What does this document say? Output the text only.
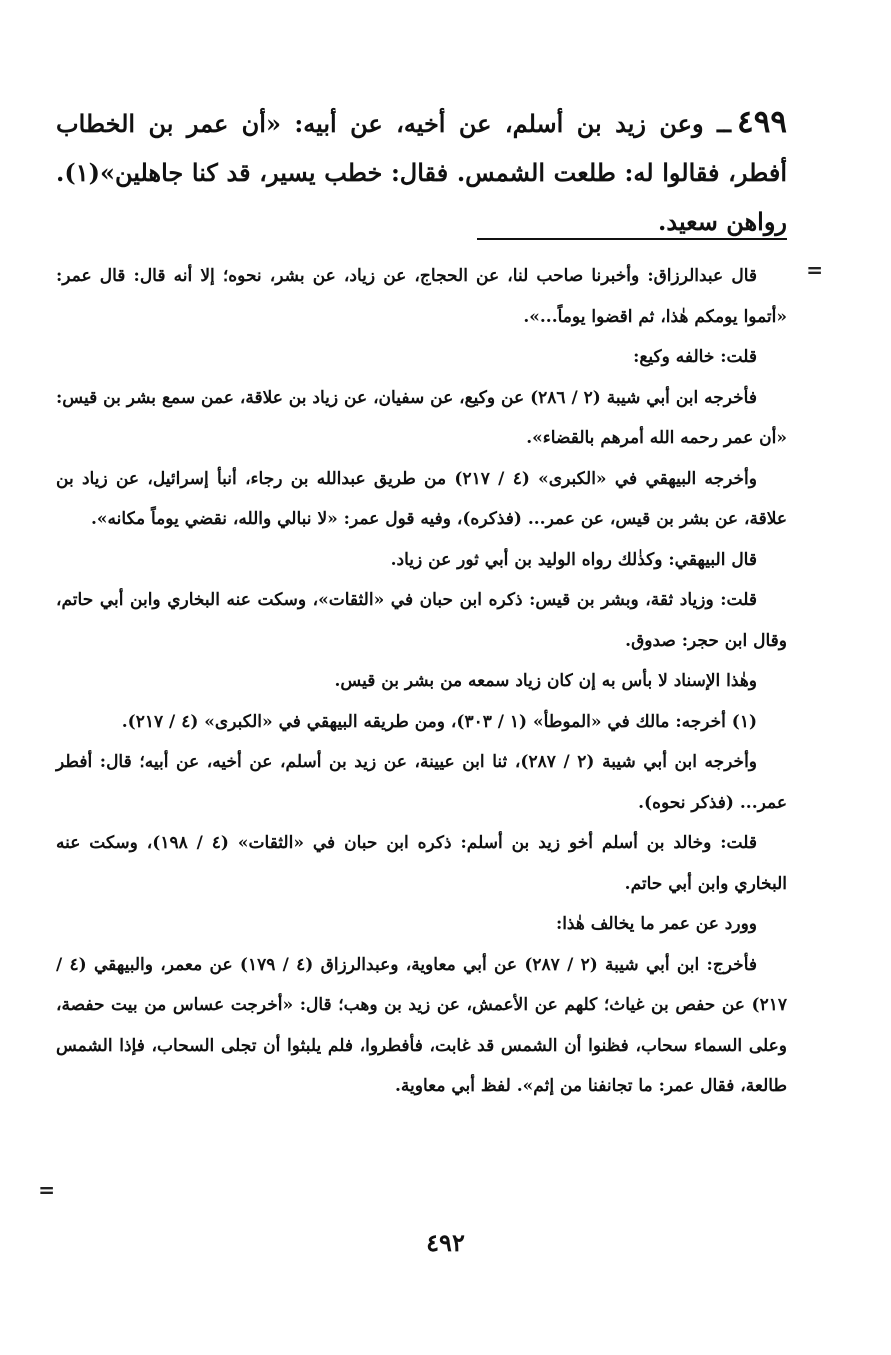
=
٤٩٩ــ وعن زيد بن أسلم، عن أخيه، عن أبيه: «أن عمر بن الخطاب أفطر، فقالوا له: طلعت الشمس. فقال: خطب يسير، قد كنا جاهلين»(١). رواهن سعيد.

قال عبدالرزاق: وأخبرنا صاحب لنا، عن الحجاج، عن زياد، عن بشر، نحوه؛ إلا أنه قال: قال عمر: «أتموا يومكم هٰذا، ثم اقضوا يوماً...».

قلت: خالفه وكيع:

فأخرجه ابن أبي شيبة (٢ / ٢٨٦) عن وكيع، عن سفيان، عن زياد بن علاقة، عمن سمع بشر بن قيس: «أن عمر رحمه الله أمرهم بالقضاء».

وأخرجه البيهقي في «الكبرى» (٤ / ٢١٧) من طريق عبدالله بن رجاء، أنبأ إسرائيل، عن زياد بن علاقة، عن بشر بن قيس، عن عمر... (فذكره)، وفيه قول عمر: «لا نبالي والله، نقضي يوماً مكانه».

قال البيهقي: وكذٰلك رواه الوليد بن أبي ثور عن زياد.

قلت: وزياد ثقة، وبشر بن قيس: ذكره ابن حبان في «الثقات»، وسكت عنه البخاري وابن أبي حاتم، وقال ابن حجر: صدوق.

وهٰذا الإسناد لا بأس به إن كان زياد سمعه من بشر بن قيس.

(١) أخرجه: مالك في «الموطأ» (١ / ٣٠٣)، ومن طريقه البيهقي في «الكبرى» (٤ / ٢١٧).

وأخرجه ابن أبي شيبة (٢ / ٢٨٧)، ثنا ابن عيينة، عن زيد بن أسلم، عن أخيه، عن أبيه؛ قال: أفطر عمر... (فذكر نحوه).

قلت: وخالد بن أسلم أخو زيد بن أسلم: ذكره ابن حبان في «الثقات» (٤ / ١٩٨)، وسكت عنه البخاري وابن أبي حاتم.

وورد عن عمر ما يخالف هٰذا:

فأخرج: ابن أبي شيبة (٢ / ٢٨٧) عن أبي معاوية، وعبدالرزاق (٤ / ١٧٩) عن معمر، والبيهقي (٤ / ٢١٧) عن حفص بن غياث؛ كلهم عن الأعمش، عن زيد بن وهب؛ قال: «أخرجت عساس من بيت حفصة، وعلى السماء سحاب، فظنوا أن الشمس قد غابت، فأفطروا، فلم يلبثوا أن تجلى السحاب، فإذا الشمس طالعة، فقال عمر: ما تجانفنا من إثم». لفظ أبي معاوية.

=
٤٩٢
